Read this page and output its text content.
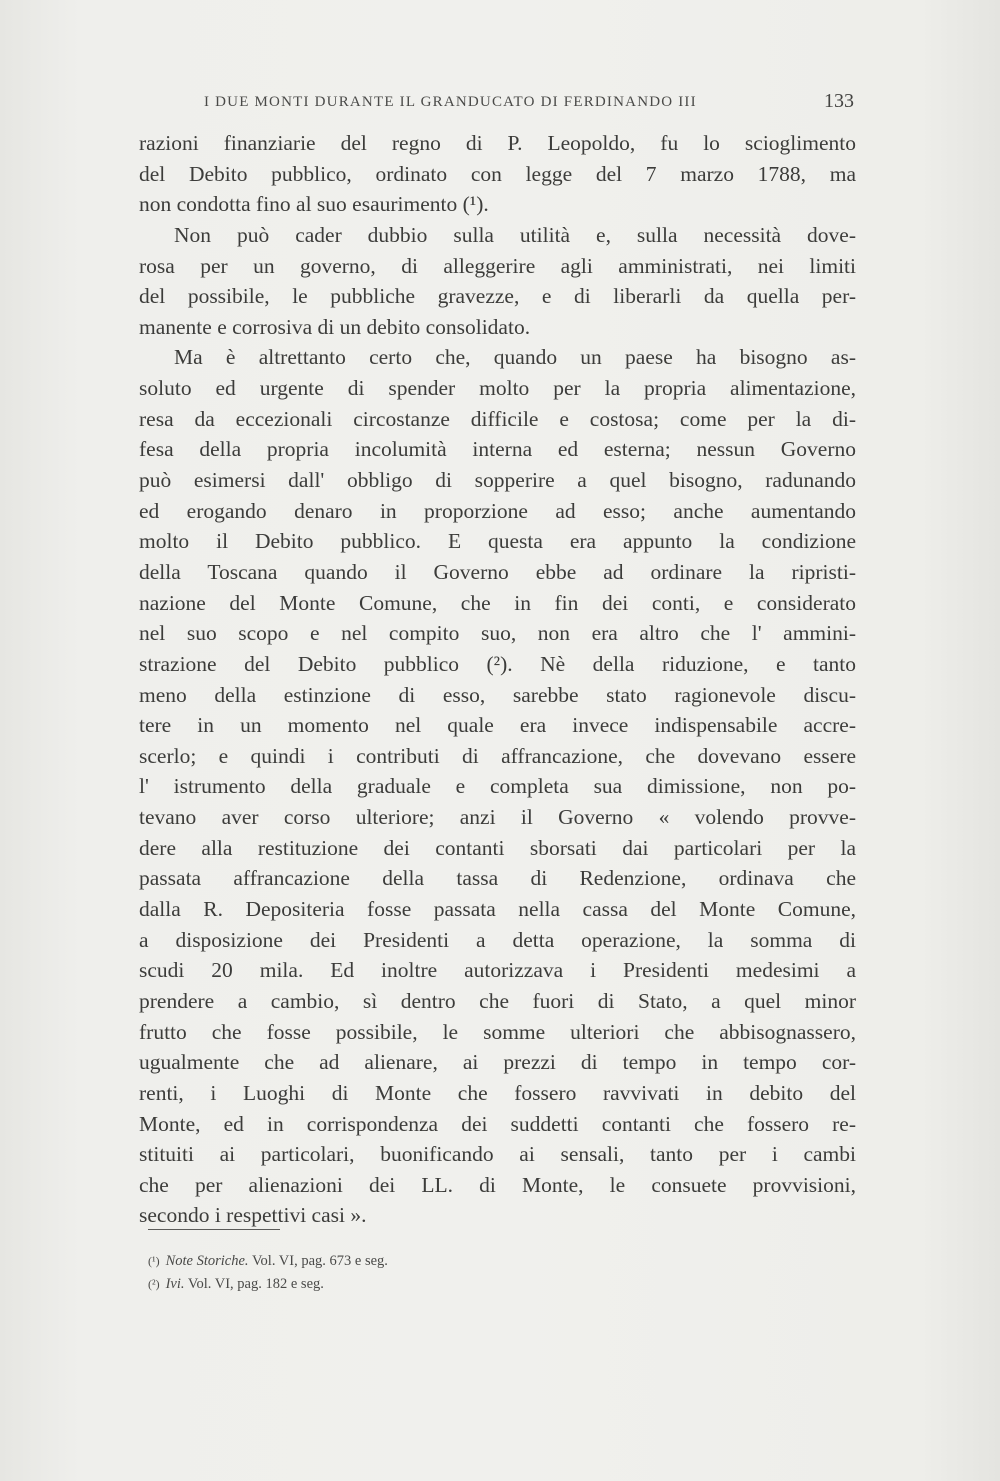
I DUE MONTI DURANTE IL GRANDUCATO DI FERDINANDO III	133
razioni finanziarie del regno di P. Leopoldo, fu lo scioglimento
del Debito pubblico, ordinato con legge del 7 marzo 1788, ma
non condotta fino al suo esaurimento (¹).
Non può cader dubbio sulla utilità e, sulla necessità dove-
rosa per un governo, di alleggerire agli amministrati, nei limiti
del possibile, le pubbliche gravezze, e di liberarli da quella per-
manente e corrosiva di un debito consolidato.
Ma è altrettanto certo che, quando un paese ha bisogno as-
soluto ed urgente di spender molto per la propria alimentazione,
resa da eccezionali circostanze difficile e costosa; come per la di-
fesa della propria incolumità interna ed esterna; nessun Governo
può esimersi dall' obbligo di sopperire a quel bisogno, radunando
ed erogando denaro in proporzione ad esso; anche aumentando
molto il Debito pubblico. E questa era appunto la condizione
della Toscana quando il Governo ebbe ad ordinare la ripristi-
nazione del Monte Comune, che in fin dei conti, e considerato
nel suo scopo e nel compito suo, non era altro che l' ammini-
strazione del Debito pubblico (²). Nè della riduzione, e tanto
meno della estinzione di esso, sarebbe stato ragionevole discu-
tere in un momento nel quale era invece indispensabile accre-
scerlo; e quindi i contributi di affrancazione, che dovevano essere
l' istrumento della graduale e completa sua dimissione, non po-
tevano aver corso ulteriore; anzi il Governo « volendo provve-
dere alla restituzione dei contanti sborsati dai particolari per la
passata affrancazione della tassa di Redenzione, ordinava che
dalla R. Depositeria fosse passata nella cassa del Monte Comune,
a disposizione dei Presidenti a detta operazione, la somma di
scudi 20 mila. Ed inoltre autorizzava i Presidenti medesimi a
prendere a cambio, sì dentro che fuori di Stato, a quel minor
frutto che fosse possibile, le somme ulteriori che abbisognassero,
ugualmente che ad alienare, ai prezzi di tempo in tempo cor-
renti, i Luoghi di Monte che fossero ravvivati in debito del
Monte, ed in corrispondenza dei suddetti contanti che fossero re-
stituiti ai particolari, buonificando ai sensali, tanto per i cambi
che per alienazioni dei LL. di Monte, le consuete provvisioni,
secondo i respettivi casi ».
(¹) Note Storiche. Vol. VI, pag. 673 e seg.
(²) Ivi. Vol. VI, pag. 182 e seg.
